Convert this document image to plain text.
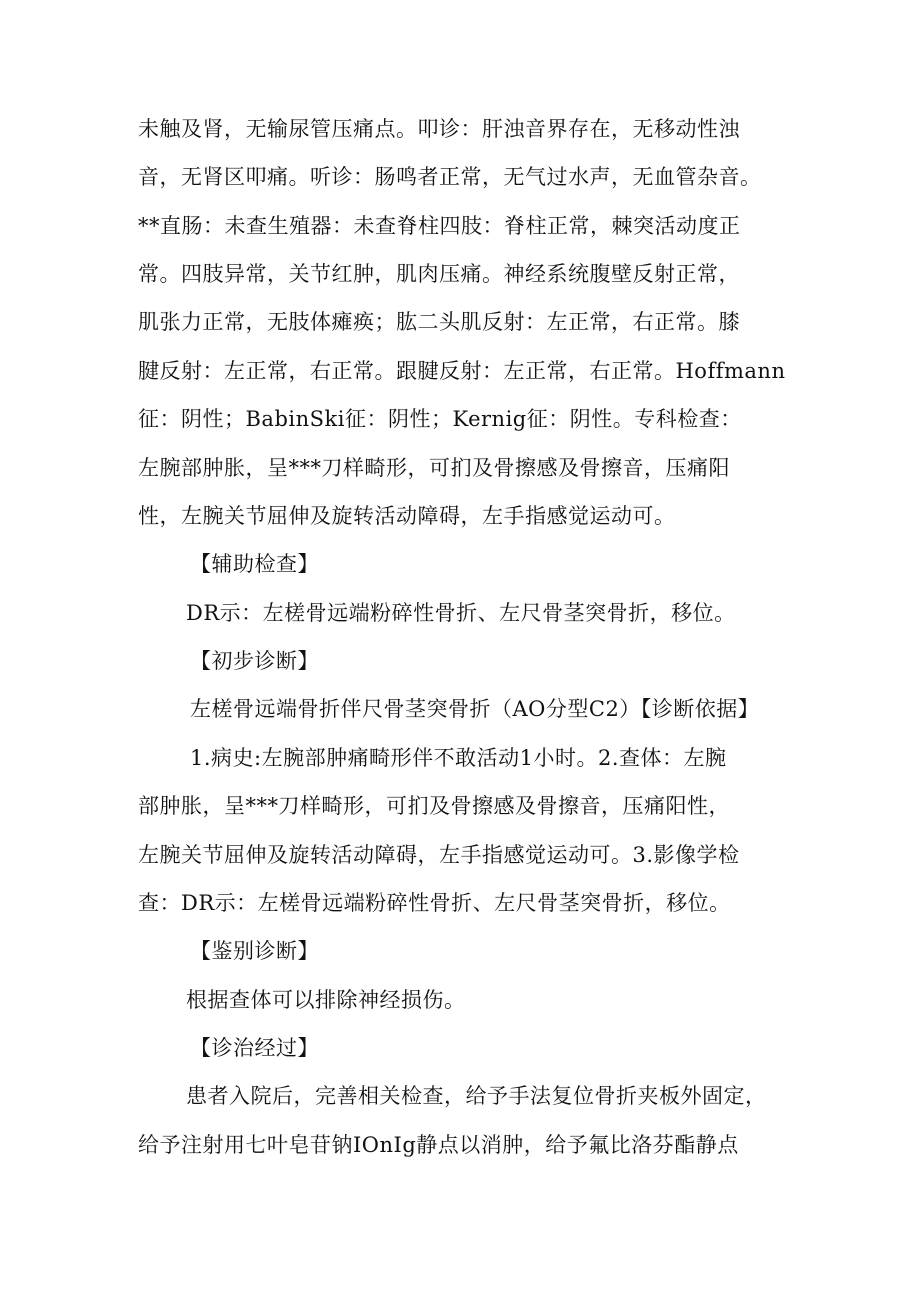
未触及肾，无输尿管压痛点。叩诊：肝浊音界存在，无移动性浊
音，无肾区叩痛。听诊：肠鸣者正常，无气过水声，无血管杂音。
**直肠：未查生殖器：未查脊柱四肢：脊柱正常，棘突活动度正
常。四肢异常，关节红肿，肌肉压痛。神经系统腹壁反射正常，
肌张力正常，无肢体瘫痪；肱二头肌反射：左正常，右正常。膝
腱反射：左正常，右正常。跟腱反射：左正常，右正常。Hoffmann
征：阴性；BabinSki征：阴性；Kernig征：阴性。专科检查：
左腕部肿胀，呈***刀样畸形，可扪及骨擦感及骨擦音，压痛阳
性，左腕关节屈伸及旋转活动障碍，左手指感觉运动可。
【辅助检查】
DR示：左槎骨远端粉碎性骨折、左尺骨茎突骨折，移位。
【初步诊断】
左槎骨远端骨折伴尺骨茎突骨折（AO分型C2）【诊断依据】
1.病史:左腕部肿痛畸形伴不敢活动1小时。2.查体：左腕
部肿胀，呈***刀样畸形，可扪及骨擦感及骨擦音，压痛阳性，
左腕关节屈伸及旋转活动障碍，左手指感觉运动可。3.影像学检
查：DR示：左槎骨远端粉碎性骨折、左尺骨茎突骨折，移位。
【鉴别诊断】
根据查体可以排除神经损伤。
【诊治经过】
患者入院后，完善相关检查，给予手法复位骨折夹板外固定，
给予注射用七叶皂苷钠IOnIg静点以消肿，给予氟比洛芬酯静点
